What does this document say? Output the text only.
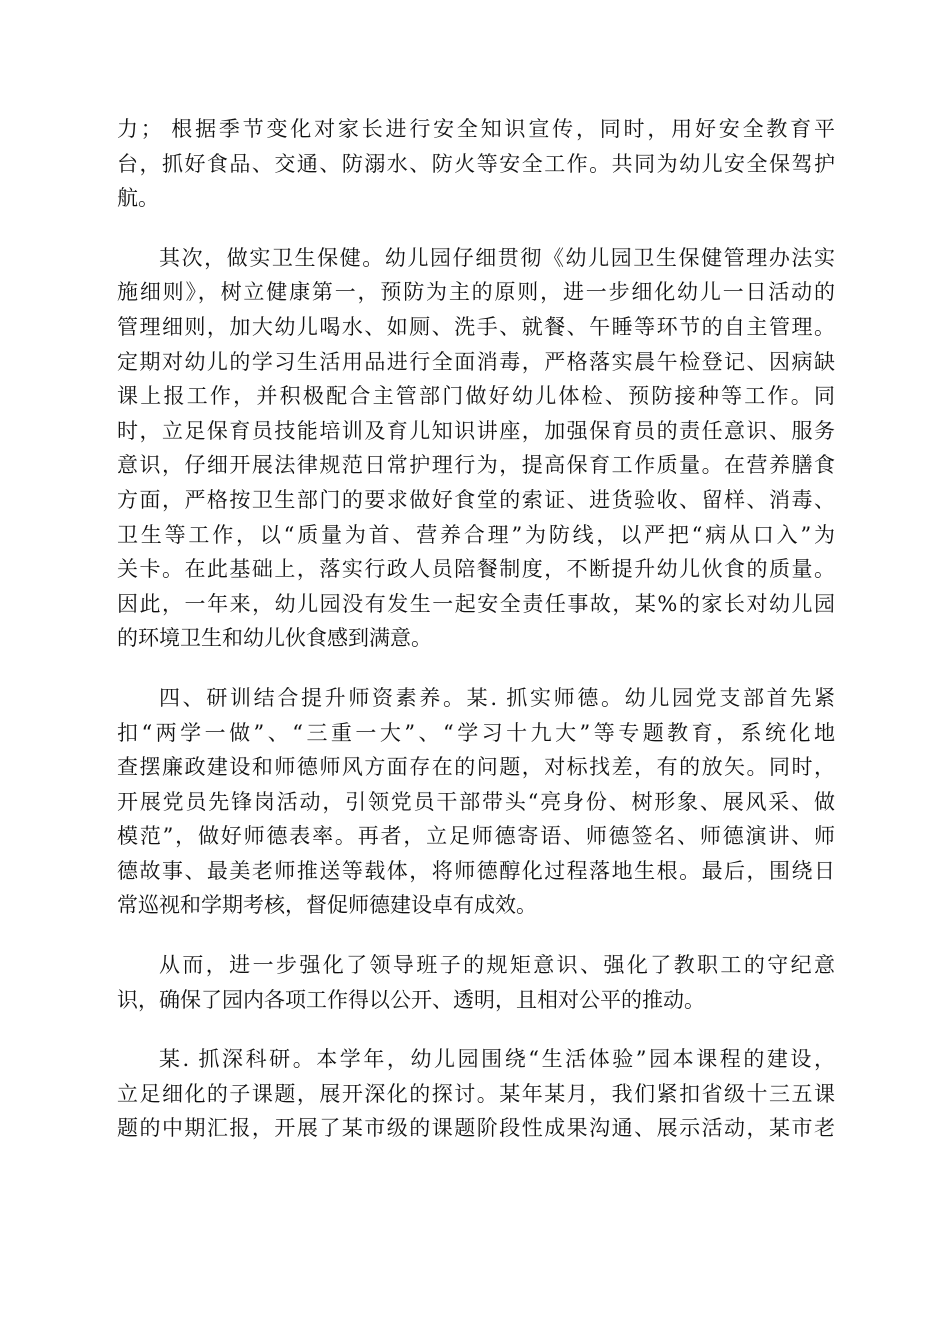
力； 根据季节变化对家长进行安全知识宣传，同时，用好安全教育平
台，抓好食品、交通、防溺水、防火等安全工作。共同为幼儿安全保驾护
航。
其次，做实卫生保健。幼儿园仔细贯彻《幼儿园卫生保健管理办法实
施细则》，树立健康第一，预防为主的原则，进一步细化幼儿一日活动的
管理细则，加大幼儿喝水、如厕、洗手、就餐、午睡等环节的自主管理。
定期对幼儿的学习生活用品进行全面消毒，严格落实晨午检登记、因病缺
课上报工作，并积极配合主管部门做好幼儿体检、预防接种等工作。同
时，立足保育员技能培训及育儿知识讲座，加强保育员的责任意识、服务
意识，仔细开展法律规范日常护理行为，提高保育工作质量。在营养膳食
方面，严格按卫生部门的要求做好食堂的索证、进货验收、留样、消毒、
卫生等工作，以“质量为首、营养合理”为防线，以严把“病从口入”为
关卡。在此基础上，落实行政人员陪餐制度，不断提升幼儿伙食的质量。
因此，一年来，幼儿园没有发生一起安全责任事故，某%的家长对幼儿园
的环境卫生和幼儿伙食感到满意。
四、研训结合提升师资素养。某. 抓实师德。幼儿园党支部首先紧
扣“两学一做”、“三重一大”、“学习十九大”等专题教育，系统化地
查摆廉政建设和师德师风方面存在的问题，对标找差，有的放矢。同时，
开展党员先锋岗活动，引领党员干部带头“亮身份、树形象、展风采、做
模范”，做好师德表率。再者，立足师德寄语、师德签名、师德演讲、师
德故事、最美老师推送等载体，将师德醇化过程落地生根。最后，围绕日
常巡视和学期考核，督促师德建设卓有成效。
从而，进一步强化了领导班子的规矩意识、强化了教职工的守纪意
识，确保了园内各项工作得以公开、透明，且相对公平的推动。
某. 抓深科研。本学年，幼儿园围绕“生活体验”园本课程的建设，
立足细化的子课题，展开深化的探讨。某年某月，我们紧扣省级十三五课
题的中期汇报，开展了某市级的课题阶段性成果沟通、展示活动，某市老
